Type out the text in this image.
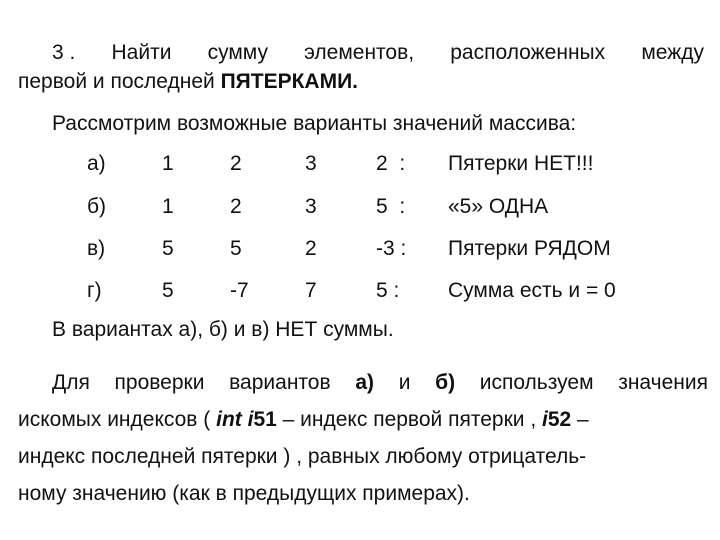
3 . Найти сумму элементов, расположенных между
первой и последней ПЯТЕРКАМИ.
Рассмотрим возможные варианты значений массива:
а)	1	2	3	2  : Пятерки НЕТ!!!
б)	1	2	3	5  : «5» ОДНА
в)	5	5	2	-3 : Пятерки РЯДОМ
г)	5	-7	7	5 : Сумма есть и = 0
В вариантах а), б) и в) НЕТ суммы.
Для проверки вариантов а) и б) используем значения
искомых индексов ( int
i 51 – индекс первой пятерки , i 52 –
индекс последней пятерки ) , равных любому отрицатель-
ному значению (как в предыдущих примерах).
